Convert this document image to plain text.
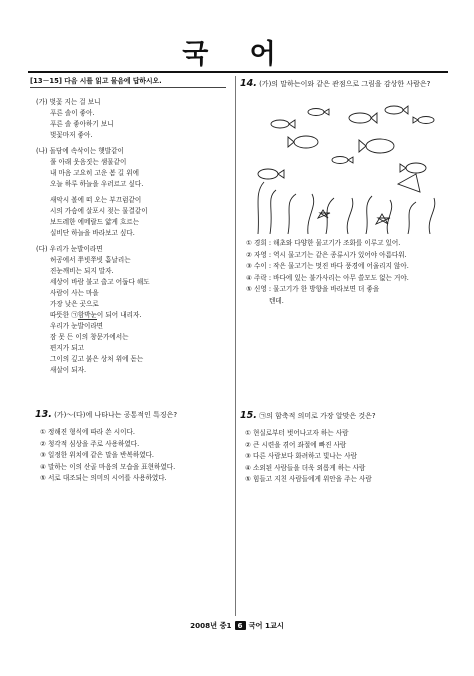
국 어
[13－15] 다음 시를 읽고 물음에 답하시오.
(가) 벚꽃 지는 걸 보니
푸른 솔이 좋아.
푸른 솔 좋아하기 보니
벚꽃마저 좋아.
(나) 돌담에 속삭이는 햇발같이
풀 아래 웃음짓는 샘물같이
내 마음 고요히 고운 봄 길 위에
오늘 하루 하늘을 우러르고 싶다.
새악시 볼에 떠 오는 부끄럼같이
시의 가슴에 살포시 젖는 물결같이
보드레한 에메랄드 얇게 흐르는
실비단 하늘을 바라보고 싶다.
(다) 우리가 눈발이라면
허공에서 쭈빗쭈빗 흩날리는
진눈깨비는 되지 말자.
세상이 바람 불고 춥고 어둡다 해도
사람이 사는 마을
가장 낮은 곳으로
따뜻한 ㉠함박눈이 되어 내리자.
우리가 눈발이라면
잠 못 든 이의 창문가에서는
편지가 되고
그이의 깊고 붉은 상처 위에 돋는
새살이 되자.
13. (가)～(다)에 나타나는 공통적인 특징은?
① 정해진 형식에 따라 쓴 시이다.
② 청각적 심상을 주로 사용하였다.
③ 일정한 위치에 같은 말을 반복하였다.
④ 말하는 이의 산골 마음의 모습을 표현하였다.
⑤ 서로 대조되는 의미의 시어를 사용하였다.
14. (가)의 말하는이와 같은 관점으로 그림을 감상한 사람은?
① 경희 : 해초와 다양한 물고기가 조화를 이루고 있어.
② 자영 : 역시 물고기는 같은 종류시가 있어야 아름다워.
③ 수이 : 작은 물고기는 멋진 바다 풍경에 어울리지 않아.
④ 주락 : 바다에 있는 불가사리는 아무 쓸모도 없는 거야.
⑤ 신영 : 물고기가 한 방향을 바라보면 더 좋을
텐데.
15. ㉠의 함축적 의미로 가장 알맞은 것은?
① 현실로부터 벗어나고자 하는 사람
② 큰 시련을 겪어 좌절에 빠진 사람
③ 다른 사람보다 화려하고 빛나는 사람
④ 소외된 사람들을 더욱 외롭게 하는 사람
⑤ 힘들고 지친 사람들에게 위안을 주는 사람
2008년 중1 6 국어 1교시
